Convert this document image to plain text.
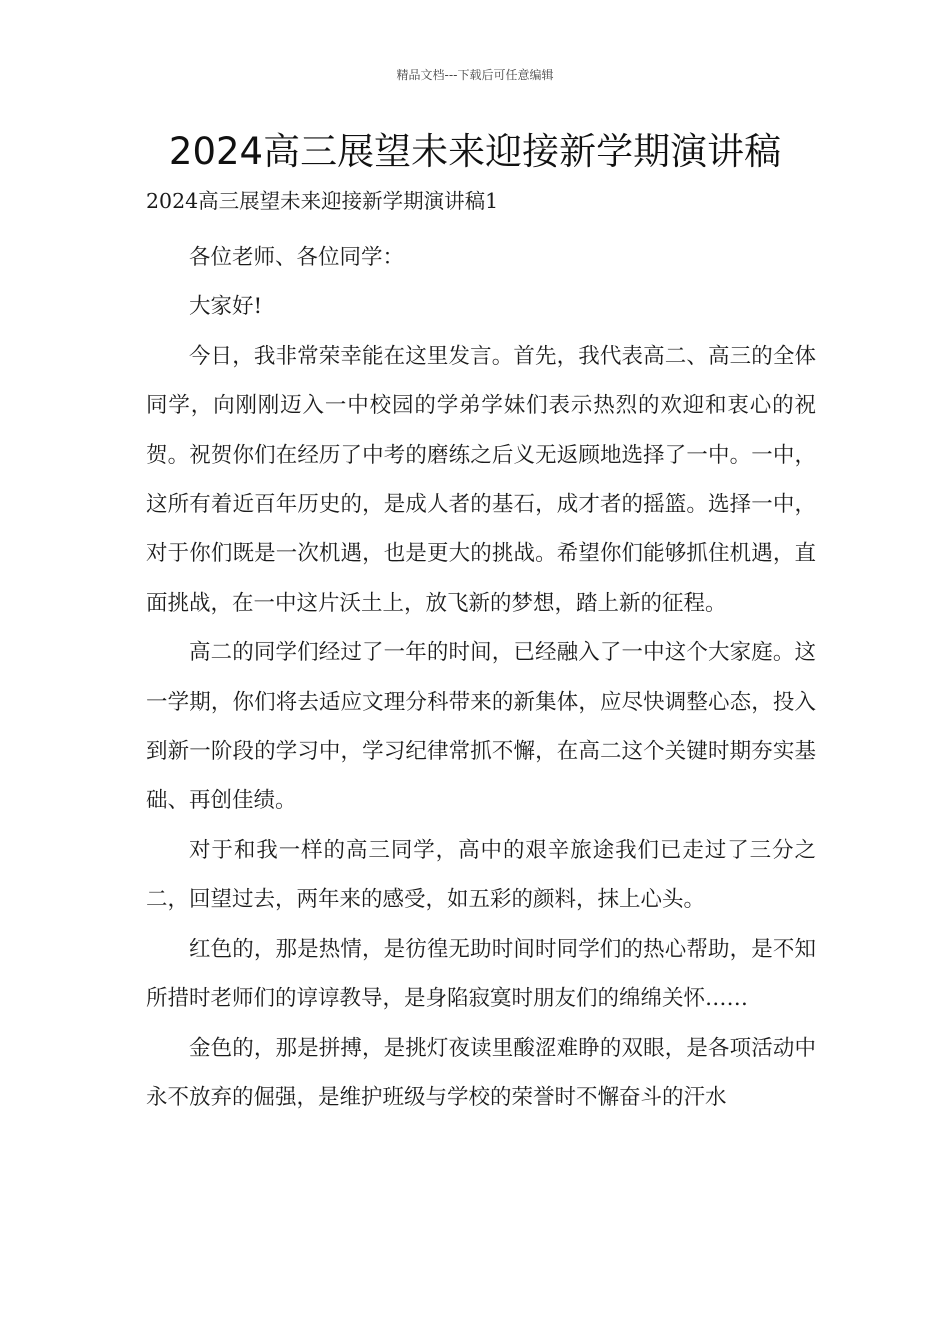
精品文档---下载后可任意编辑
2024高三展望未来迎接新学期演讲稿
2024高三展望未来迎接新学期演讲稿1

各位老师、各位同学：

大家好!

今日，我非常荣幸能在这里发言。首先，我代表高二、高三的全体同学，向刚刚迈入一中校园的学弟学妹们表示热烈的欢迎和衷心的祝贺。祝贺你们在经历了中考的磨练之后义无返顾地选择了一中。一中，这所有着近百年历史的，是成人者的基石，成才者的摇篮。选择一中，对于你们既是一次机遇，也是更大的挑战。希望你们能够抓住机遇，直面挑战，在一中这片沃土上，放飞新的梦想，踏上新的征程。

高二的同学们经过了一年的时间，已经融入了一中这个大家庭。这一学期，你们将去适应文理分科带来的新集体，应尽快调整心态，投入到新一阶段的学习中，学习纪律常抓不懈，在高二这个关键时期夯实基础、再创佳绩。

对于和我一样的高三同学，高中的艰辛旅途我们已走过了三分之二，回望过去，两年来的感受，如五彩的颜料，抹上心头。

红色的，那是热情，是彷徨无助时间时同学们的热心帮助，是不知所措时老师们的谆谆教导，是身陷寂寞时朋友们的绵绵关怀……

金色的，那是拼搏，是挑灯夜读里酸涩难睁的双眼，是各项活动中永不放弃的倔强，是维护班级与学校的荣誉时不懈奋斗的汗水
